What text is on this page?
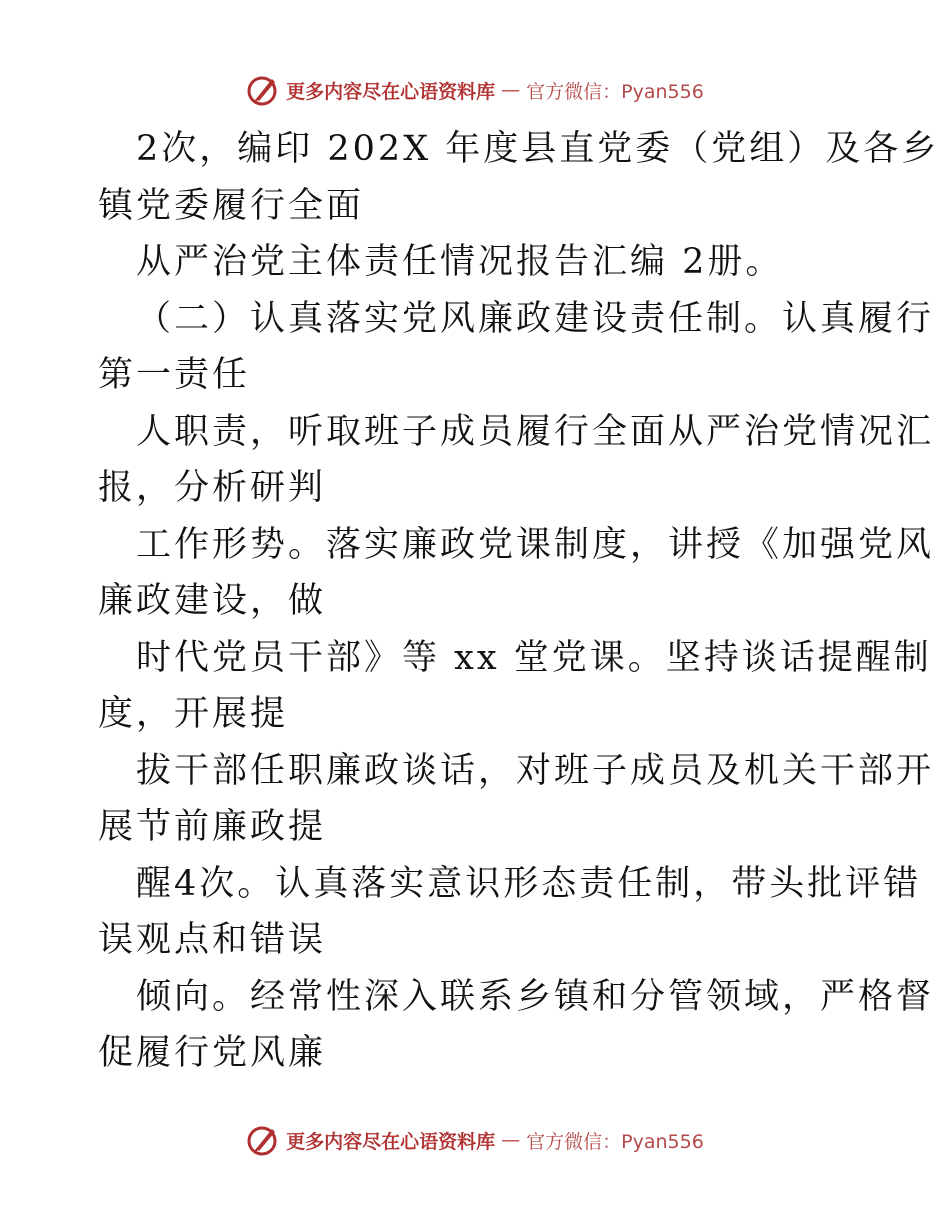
更多内容尽在心语资料库 — 官方微信：Pyan556
2次，编印 202X 年度县直党委（党组）及各乡
镇党委履行全面
从严治党主体责任情况报告汇编 2册。
（二）认真落实党风廉政建设责任制。认真履行
第一责任
人职责，听取班子成员履行全面从严治党情况汇
报，分析研判
工作形势。落实廉政党课制度，讲授《加强党风
廉政建设，做
时代党员干部》等 xx 堂党课。坚持谈话提醒制
度，开展提
拔干部任职廉政谈话，对班子成员及机关干部开
展节前廉政提
醒4次。认真落实意识形态责任制，带头批评错
误观点和错误
倾向。经常性深入联系乡镇和分管领域，严格督
促履行党风廉
更多内容尽在心语资料库 — 官方微信：Pyan556
